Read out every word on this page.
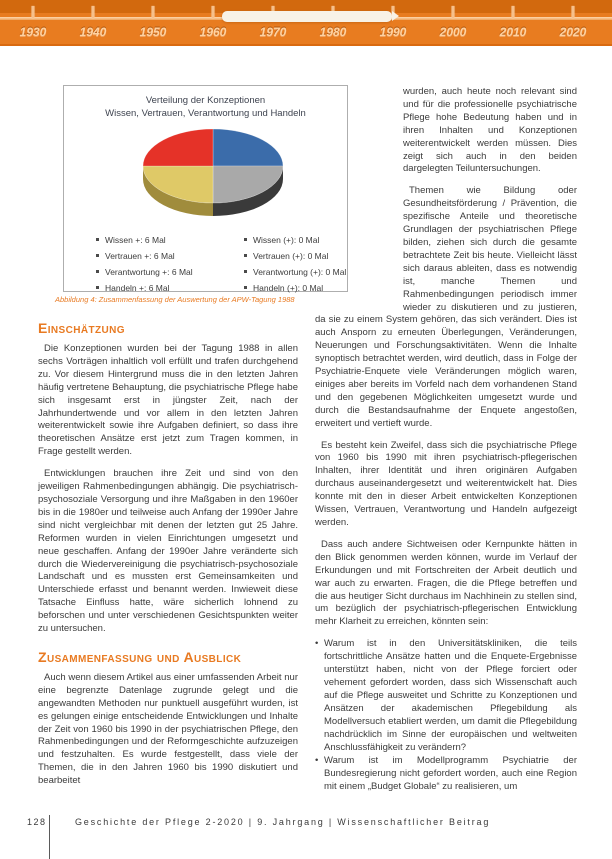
1930	1940	1950	1960	1970	1980	1990	2000	2010	2020
Verteilung der Konzeptionen
Wissen, Vertrauen, Verantwortung und Handeln
Wissen +: 6 Mal
Vertrauen +: 6 Mal
Verantwortung +: 6 Mal
Handeln +: 6 Mal
Wissen (+): 0 Mal
Vertrauen (+): 0 Mal
Verantwortung (+): 0 Mal
Handeln (+): 0 Mal
Abbildung 4: Zusammenfassung der Auswertung der APW-Tagung 1988
Einschätzung

Die Konzeptionen wurden bei der Tagung 1988 in allen sechs Vorträgen inhaltlich voll erfüllt und trafen durchgehend zu. Vor diesem Hintergrund muss die in den letzten Jahren häufig vertretene Behauptung, die psychiatrische Pflege habe sich insgesamt erst in jüngster Zeit, nach der Jahrhundertwende und vor allem in den letzten Jahren weiterentwickelt sowie ihre Aufgaben definiert, so dass ihre theoretischen Ansätze erst jetzt zum Tragen kommen, in Frage gestellt werden.

Entwicklungen brauchen ihre Zeit und sind von den jeweiligen Rahmenbedingungen abhängig. Die psychiatrisch-psychosoziale Versorgung und ihre Maßgaben in den 1960er bis in die 1980er und teilweise auch Anfang der 1990er Jahre sind nicht vergleichbar mit denen der letzten gut 25 Jahre. Reformen wurden in vielen Einrichtungen umgesetzt und neue geschaffen. Anfang der 1990er Jahre veränderte sich durch die Wiedervereinigung die psychiatrisch-psychosoziale Landschaft und es mussten erst Gemeinsamkeiten und Unterschiede erfasst und benannt werden. Inwieweit diese Tatsache Einfluss hatte, wäre sicherlich lohnend zu beforschen und unter verschiedenen Gesichtspunkten weiter zu untersuchen.

Zusammenfassung und Ausblick

Auch wenn diesem Artikel aus einer umfassenden Arbeit nur eine begrenzte Datenlage zugrunde gelegt und die angewandten Methoden nur punktuell ausgeführt wurden, ist es gelungen einige entscheidende Entwicklungen und Inhalte der Zeit von 1960 bis 1990 in der psychiatrischen Pflege, den Rahmenbedingungen und der Reformgeschichte aufzuzeigen und festzuhalten. Es wurde festgestellt, dass viele der Themen, die in den Jahren 1960 bis 1990 diskutiert und bearbeitet

wurden, auch heute noch relevant sind und für die professionelle psychiatrische Pflege hohe Bedeutung haben und in ihren Inhalten und Konzeptionen weiterentwickelt werden müssen. Dies zeigt sich auch in den beiden dargelegten Teiluntersuchungen.

Themen wie Bildung oder Gesundheitsförderung / Prävention, die spezifische Anteile und theoretische Grundlagen der psychiatrischen Pflege bilden, ziehen sich durch die gesamte betrachtete Zeit bis heute. Vielleicht lässt sich daraus ableiten, dass es notwendig ist, manche Themen und Rahmenbedingungen periodisch immer wieder zu diskutieren und zu justieren, da sie zu einem System gehören, das sich verändert. Dies ist auch Ansporn zu erneuten Überlegungen, Veränderungen, Neuerungen und Forschungsaktivitäten. Wenn die Inhalte synoptisch betrachtet werden, wird deutlich, dass in Folge der Psychiatrie-Enquete viele Veränderungen möglich waren, einiges aber bereits im Vorfeld nach dem vorhandenen Stand und den gegebenen Möglichkeiten umgesetzt wurde und durch die Bestandsaufnahme der Enquete angestoßen, erweitert und vertieft wurde.

Es besteht kein Zweifel, dass sich die psychiatrische Pflege von 1960 bis 1990 mit ihren psychiatrisch-pflegerischen Inhalten, ihrer Identität und ihren originären Aufgaben durchaus auseinandergesetzt und weiterentwickelt hat. Dies konnte mit den in dieser Arbeit entwickelten Konzeptionen Wissen, Vertrauen, Verantwortung und Handeln aufgezeigt werden.

Dass auch andere Sichtweisen oder Kernpunkte hätten in den Blick genommen werden können, wurde im Verlauf der Erkundungen und mit Fortschreiten der Arbeit deutlich und war auch zu erwarten. Fragen, die die Pflege betreffen und die aus heutiger Sicht durchaus im Nachhinein zu stellen sind, um bezüglich der psychiatrisch-pflegerischen Entwicklung mehr Klarheit zu erreichen, könnten sein:

• Warum ist in den Universitätskliniken, die teils fortschrittliche Ansätze hatten und die Enquete-Ergebnisse unterstützt haben, nicht von der Pflege forciert oder vehement gefordert worden, dass sich Wissenschaft auch auf die Pflege ausweitet und Schritte zu Konzeptionen und Ansätzen der akademischen Pflegebildung als Modellversuch etabliert werden, um damit die Pflegebildung nachdrücklich im Sinne der europäischen und weltweiten Anschlussfähigkeit zu verändern?
• Warum ist im Modellprogramm Psychiatrie der Bundesregierung nicht gefordert worden, auch eine Region mit einem „Budget Globale“ zu realisieren, um
128	Geschichte der Pflege 2-2020 | 9. Jahrgang | Wissenschaftlicher Beitrag
